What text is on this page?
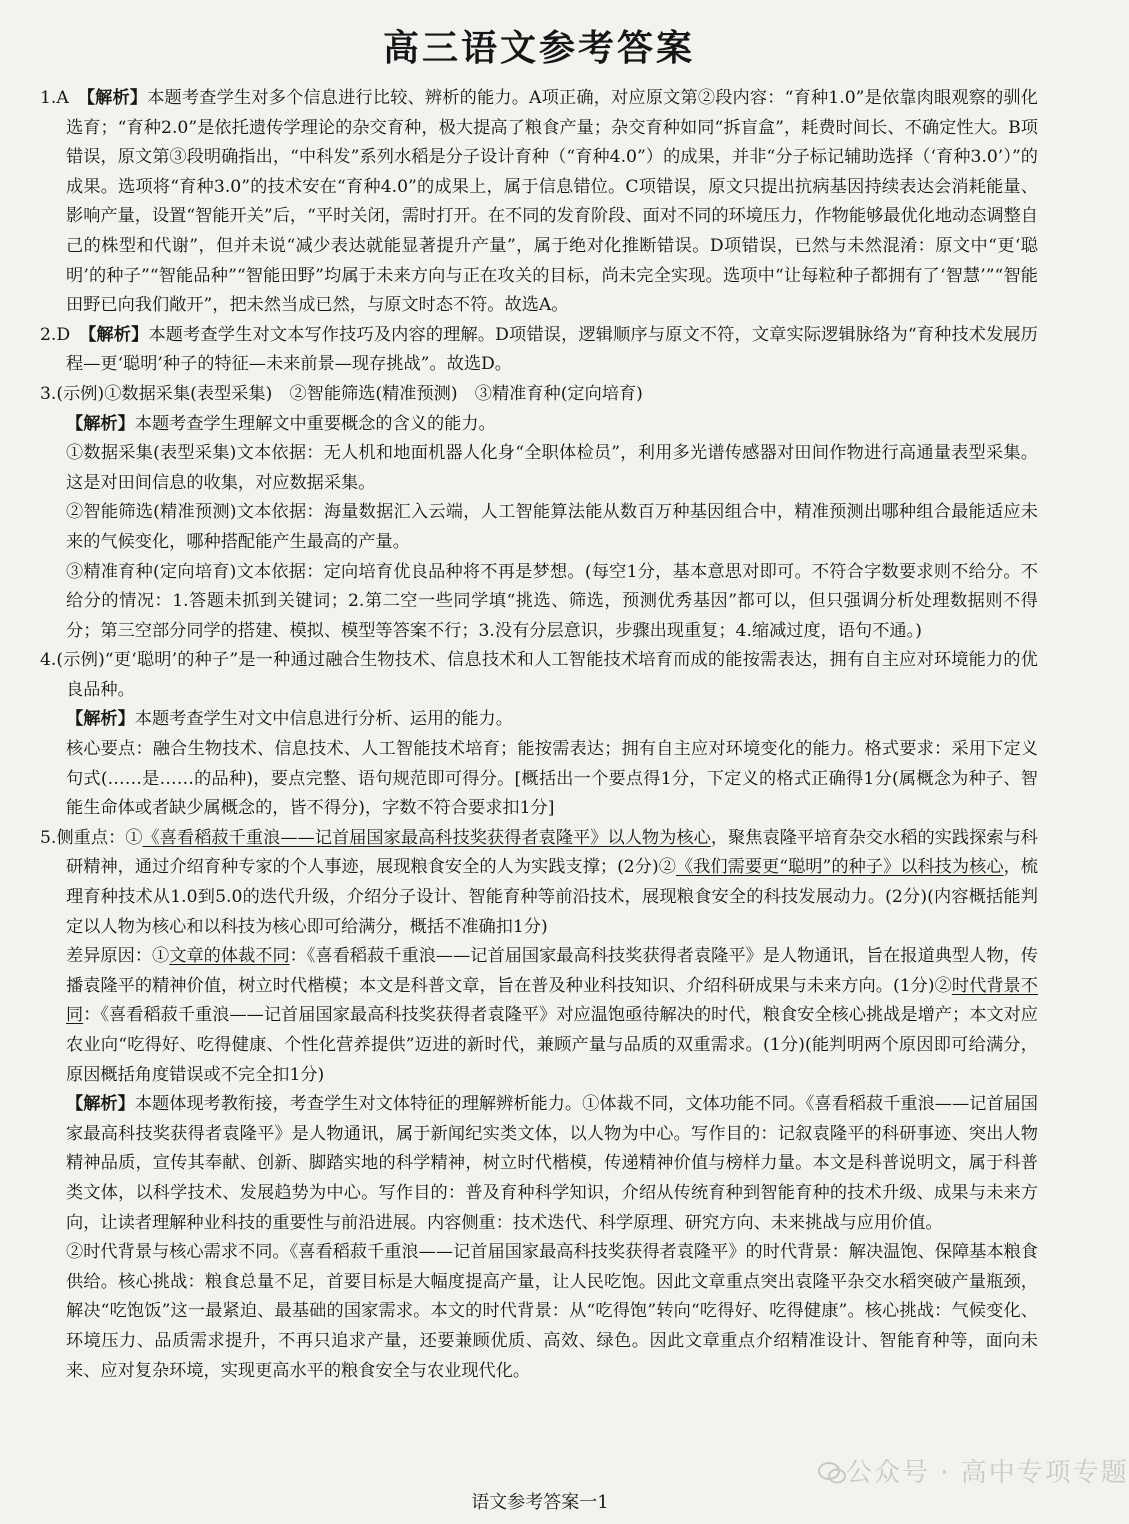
高三语文参考答案

1.A　 【解析】本题考查学生对多个信息进行比较、辨析的能力。A项正确，对应原文第②段内容：“育种1.0”是依靠肉眼观察的驯化选育；“育种2.0”是依托遗传学理论的杂交育种，极大提高了粮食产量；杂交育种如同“拆盲盒”，耗费时间长、不确定性大。B项错误，原文第③段明确指出，“中科发”系列水稻是分子设计育种（“育种4.0”）的成果，并非“分子标记辅助选择（‘育种3.0’）”的成果。选项将“育种3.0”的技术安在“育种4.0”的成果上，属于信息错位。C项错误，原文只提出抗病基因持续表达会消耗能量、影响产量，设置“智能开关”后，“平时关闭，需时打开。在不同的发育阶段、面对不同的环境压力，作物能够最优化地动态调整自己的株型和代谢”，但并未说“减少表达就能显著提升产量”，属于绝对化推断错误。D项错误，已然与未然混淆：原文中“更‘聪明’的种子”“智能品种”“智能田野”均属于未来方向与正在攻关的目标，尚未完全实现。选项中“让每粒种子都拥有了‘智慧’”“智能田野已向我们敞开”，把未然当成已然，与原文时态不符。故选A。

2.D　 【解析】本题考查学生对文本写作技巧及内容的理解。D项错误，逻辑顺序与原文不符，文章实际逻辑脉络为“育种技术发展历程—更‘聪明’种子的特征—未来前景—现存挑战”。故选D。

3.(示例)①数据采集(表型采集)　②智能筛选(精准预测)　③精准育种(定向培育)

【解析】本题考查学生理解文中重要概念的含义的能力。

①数据采集(表型采集)文本依据：无人机和地面机器人化身“全职体检员”，利用多光谱传感器对田间作物进行高通量表型采集。这是对田间信息的收集，对应数据采集。

②智能筛选(精准预测)文本依据：海量数据汇入云端，人工智能算法能从数百万种基因组合中，精准预测出哪种组合最能适应未来的气候变化，哪种搭配能产生最高的产量。

③精准育种(定向培育)文本依据：定向培育优良品种将不再是梦想。(每空1分，基本意思对即可。不符合字数要求则不给分。不给分的情况：1.答题未抓到关键词；2.第二空一些同学填“挑选、筛选，预测优秀基因”都可以，但只强调分析处理数据则不得分；第三空部分同学的搭建、模拟、模型等答案不行；3.没有分层意识，步骤出现重复；4.缩减过度，语句不通。)

4.(示例)“更‘聪明’的种子”是一种通过融合生物技术、信息技术和人工智能技术培育而成的能按需表达，拥有自主应对环境能力的优良品种。

【解析】本题考查学生对文中信息进行分析、运用的能力。

核心要点：融合生物技术、信息技术、人工智能技术培育；能按需表达；拥有自主应对环境变化的能力。格式要求：采用下定义句式(……是……的品种)，要点完整、语句规范即可得分。[概括出一个要点得1分，下定义的格式正确得1分(属概念为种子、智能生命体或者缺少属概念的，皆不得分)，字数不符合要求扣1分]

5.侧重点：①《喜看稻菽千重浪——记首届国家最高科技奖获得者袁隆平》以人物为核心，聚焦袁隆平培育杂交水稻的实践探索与科研精神，通过介绍育种专家的个人事迹，展现粮食安全的人为实践支撑；(2分)②《我们需要更“聪明”的种子》以科技为核心，梳理育种技术从1.0到5.0的迭代升级，介绍分子设计、智能育种等前沿技术，展现粮食安全的科技发展动力。(2分)(内容概括能判定以人物为核心和以科技为核心即可给满分，概括不准确扣1分)

差异原因：①文章的体裁不同：《喜看稻菽千重浪——记首届国家最高科技奖获得者袁隆平》是人物通讯，旨在报道典型人物，传播袁隆平的精神价值，树立时代楷模；本文是科普文章，旨在普及种业科技知识、介绍科研成果与未来方向。(1分)②时代背景不同：《喜看稻菽千重浪——记首届国家最高科技奖获得者袁隆平》对应温饱亟待解决的时代，粮食安全核心挑战是增产；本文对应农业向“吃得好、吃得健康、个性化营养提供”迈进的新时代，兼顾产量与品质的双重需求。(1分)(能判明两个原因即可给满分，原因概括角度错误或不完全扣1分)

【解析】本题体现考教衔接，考查学生对文体特征的理解辨析能力。①体裁不同，文体功能不同。《喜看稻菽千重浪——记首届国家最高科技奖获得者袁隆平》是人物通讯，属于新闻纪实类文体，以人物为中心。写作目的：记叙袁隆平的科研事迹、突出人物精神品质，宣传其奉献、创新、脚踏实地的科学精神，树立时代楷模，传递精神价值与榜样力量。本文是科普说明文，属于科普类文体，以科学技术、发展趋势为中心。写作目的：普及育种科学知识，介绍从传统育种到智能育种的技术升级、成果与未来方向，让读者理解种业科技的重要性与前沿进展。内容侧重：技术迭代、科学原理、研究方向、未来挑战与应用价值。

②时代背景与核心需求不同。《喜看稻菽千重浪——记首届国家最高科技奖获得者袁隆平》的时代背景：解决温饱、保障基本粮食供给。核心挑战：粮食总量不足，首要目标是大幅度提高产量，让人民吃饱。因此文章重点突出袁隆平杂交水稻突破产量瓶颈，解决“吃饱饭”这一最紧迫、最基础的国家需求。本文的时代背景：从“吃得饱”转向“吃得好、吃得健康”。核心挑战：气候变化、环境压力、品质需求提升，不再只追求产量，还要兼顾优质、高效、绿色。因此文章重点介绍精准设计、智能育种等，面向未来、应对复杂环境，实现更高水平的粮食安全与农业现代化。

公众号 · 高中专项专题
语文参考答案一1
